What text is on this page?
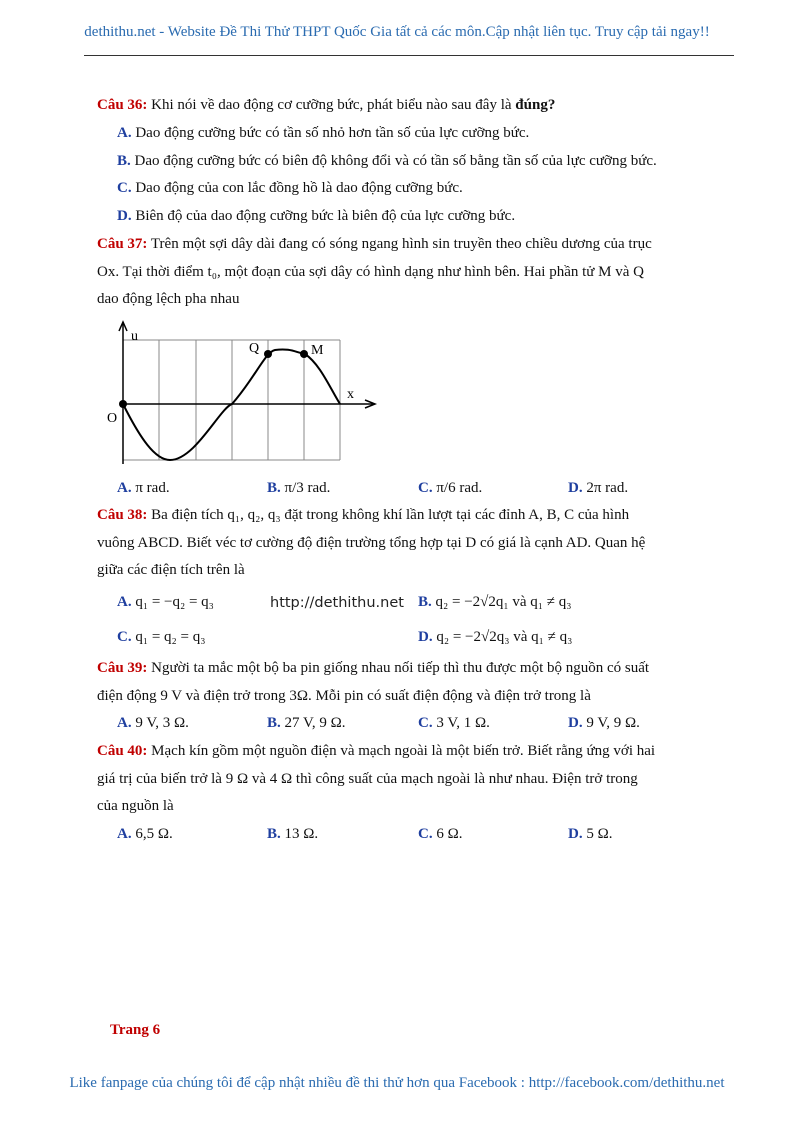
dethithu.net - Website Đề Thi Thử THPT Quốc Gia tất cả các môn.Cập nhật liên tục. Truy cập tải ngay!!
Câu 36: Khi nói về dao động cơ cưỡng bức, phát biểu nào sau đây là đúng?
A. Dao động cưỡng bức có tần số nhỏ hơn tần số của lực cưỡng bức.
B. Dao động cưỡng bức có biên độ không đổi và có tần số bằng tần số của lực cưỡng bức.
C. Dao động của con lắc đồng hồ là dao động cưỡng bức.
D. Biên độ của dao động cưỡng bức là biên độ của lực cưỡng bức.
Câu 37: Trên một sợi dây dài đang có sóng ngang hình sin truyền theo chiều dương của trục
Ox. Tại thời điểm t₀, một đoạn của sợi dây có hình dạng như hình bên. Hai phần tử M và Q
dao động lệch pha nhau
u
O
x
Q	M
A. π rad.	B. π/3 rad.	C. π/6 rad.	D. 2π rad.
Câu 38: Ba điện tích q₁, q₂, q₃ đặt trong không khí lần lượt tại các đỉnh A, B, C của hình
vuông ABCD. Biết véc tơ cường độ điện trường tổng hợp tại D có giá là cạnh AD. Quan hệ
giữa các điện tích trên là
A. q₁ = −q₂ = q₃	http://dethithu.net B. q₂ = −2√2q₁ và q₁ ≠ q₃
C. q₁ = q₂ = q₃	D. q₂ = −2√2q₃ và q₁ ≠ q₃
Câu 39: Người ta mắc một bộ ba pin giống nhau nối tiếp thì thu được một bộ nguồn có suất
điện động 9 V và điện trở trong 3Ω. Mỗi pin có suất điện động và điện trở trong là
A. 9 V, 3 Ω.	B. 27 V, 9 Ω.	C. 3 V, 1 Ω.	D. 9 V, 9 Ω.
Câu 40: Mạch kín gồm một nguồn điện và mạch ngoài là một biến trở. Biết rằng ứng với hai
giá trị của biến trở là 9 Ω và 4 Ω thì công suất của mạch ngoài là như nhau. Điện trở trong
của nguồn là
A. 6,5 Ω.	B. 13 Ω.	C. 6 Ω.	D. 5 Ω.
Trang 6
Like fanpage của chúng tôi để cập nhật nhiều đề thi thử hơn qua Facebook : http://facebook.com/dethithu.net
